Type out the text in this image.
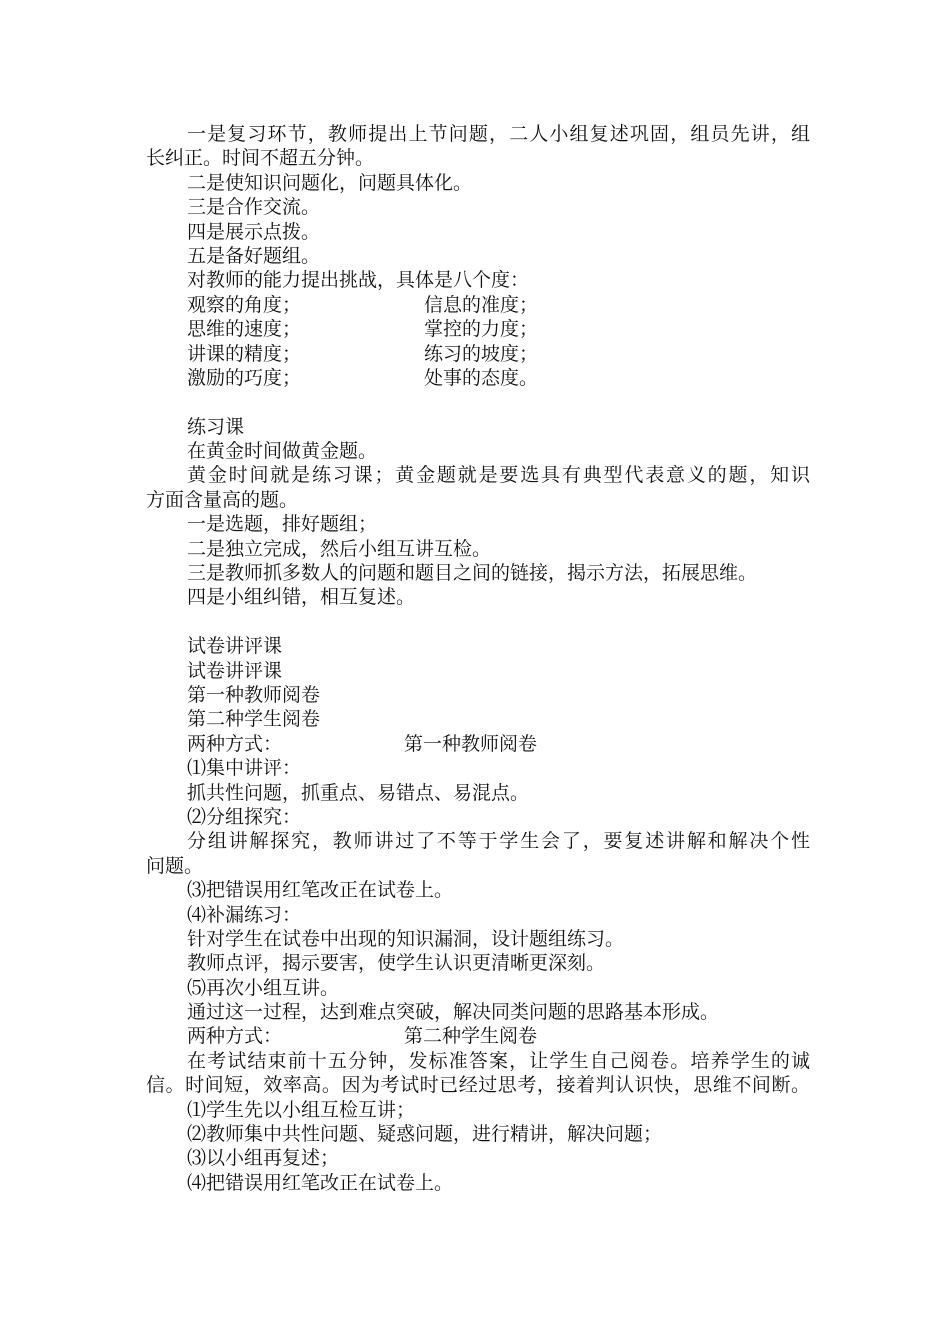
一是复习环节，教师提出上节问题，二人小组复述巩固，组员先讲，组
长纠正。时间不超五分钟。
二是使知识问题化，问题具体化。
三是合作交流。
四是展示点拨。
五是备好题组。
对教师的能力提出挑战，具体是八个度：
观察的角度；	信息的准度；
思维的速度；	掌控的力度；
讲课的精度；	练习的坡度；
激励的巧度；	处事的态度。
练习课
在黄金时间做黄金题。
黄金时间就是练习课；黄金题就是要选具有典型代表意义的题，知识
方面含量高的题。
一是选题，排好题组；
二是独立完成，然后小组互讲互检。
三是教师抓多数人的问题和题目之间的链接，揭示方法，拓展思维。
四是小组纠错，相互复述。
试卷讲评课
试卷讲评课
第一种教师阅卷
第二种学生阅卷
两种方式：	第一种教师阅卷
⑴集中讲评：
抓共性问题，抓重点、易错点、易混点。
⑵分组探究：
分组讲解探究，教师讲过了不等于学生会了，要复述讲解和解决个性
问题。
⑶把错误用红笔改正在试卷上。
⑷补漏练习：
针对学生在试卷中出现的知识漏洞，设计题组练习。
教师点评，揭示要害，使学生认识更清晰更深刻。
⑸再次小组互讲。
通过这一过程，达到难点突破，解决同类问题的思路基本形成。
两种方式：	第二种学生阅卷
在考试结束前十五分钟，发标准答案，让学生自己阅卷。培养学生的诚
信。时间短，效率高。因为考试时已经过思考，接着判认识快，思维不间断。
⑴学生先以小组互检互讲；
⑵教师集中共性问题、疑惑问题，进行精讲，解决问题；
⑶以小组再复述；
⑷把错误用红笔改正在试卷上。
